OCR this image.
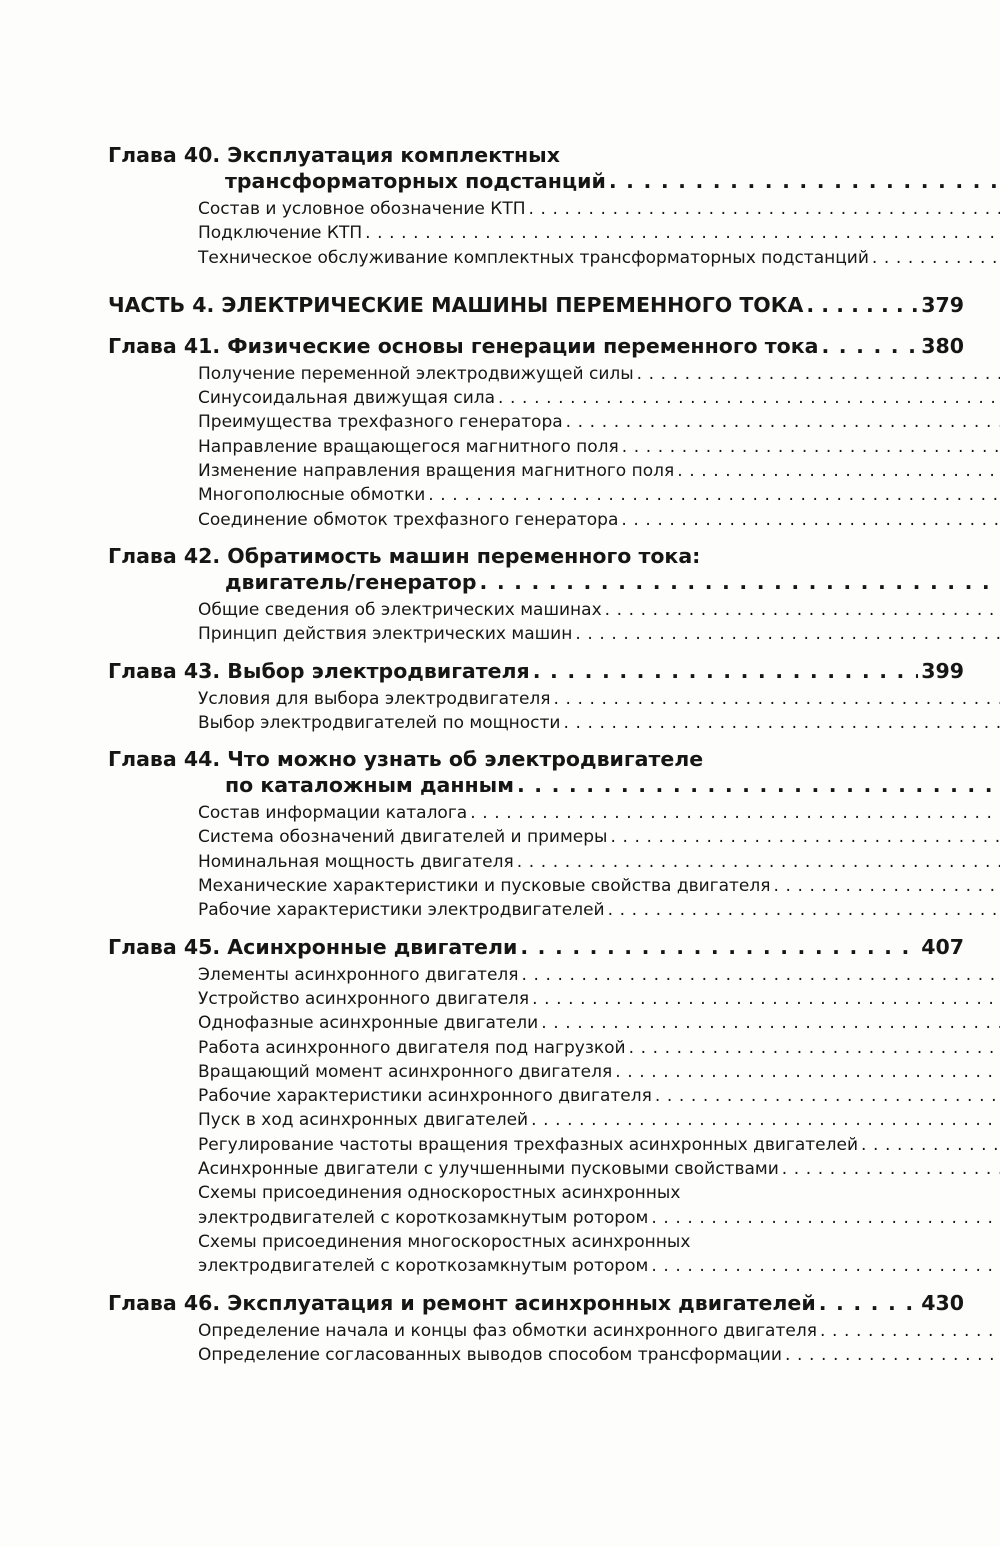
Глава 40. Эксплуатация комплектных
трансформаторных подстанций
. . .
Состав и условное обозначение КТП
. . .
Подключение КТП
. . .
Техническое обслуживание комплектных трансформаторных подстанций
. . .
ЧАСТЬ 4. ЭЛЕКТРИЧЕСКИЕ МАШИНЫ ПЕРЕМЕННОГО ТОКА . . .	379
Глава 41. Физические основы генерации переменного тока . . .	380
Получение переменной электродвижущей силы
. . .
Синусоидальная движущая сила
. . .
Преимущества трехфазного генератора
. . .
Направление вращающегося магнитного поля
. . .
Изменение направления вращения магнитного поля
. . .
Многополюсные обмотки
. . .
Соединение обмоток трехфазного генератора
. . .
Глава 42. Обратимость машин переменного тока:
двигатель/генератор
. . .
Общие сведения об электрических машинах
. . .
Принцип действия электрических машин
. . .
Глава 43. Выбор электродвигателя . . .	399
Условия для выбора электродвигателя
. . .
Выбор электродвигателей по мощности
. . .
Глава 44. Что можно узнать об электродвигателе
по каталожным данным
. . .
Состав информации каталога
. . .
Система обозначений двигателей и примеры
. . .
Номинальная мощность двигателя
. . .
Механические характеристики и пусковые свойства двигателя
. . .
Рабочие характеристики электродвигателей
. . .
Глава 45. Асинхронные двигатели . . .	407
Элементы асинхронного двигателя
. . .
Устройство асинхронного двигателя
. . .
Однофазные асинхронные двигатели
. . .
Работа асинхронного двигателя под нагрузкой
. . .
Вращающий момент асинхронного двигателя
. . .
Рабочие характеристики асинхронного двигателя
. . .
Пуск в ход асинхронных двигателей
. . .
Регулирование частоты вращения трехфазных асинхронных двигателей
. . .
Асинхронные двигатели с улучшенными пусковыми свойствами
. . .
Схемы присоединения односкоростных асинхронных
электродвигателей с короткозамкнутым ротором
. . .
Схемы присоединения многоскоростных асинхронных
электродвигателей с короткозамкнутым ротором
. . .
Глава 46. Эксплуатация и ремонт асинхронных двигателей . . .	430
Определение начала и концы фаз обмотки асинхронного двигателя
. . .
Определение согласованных выводов способом трансформации
. . .
